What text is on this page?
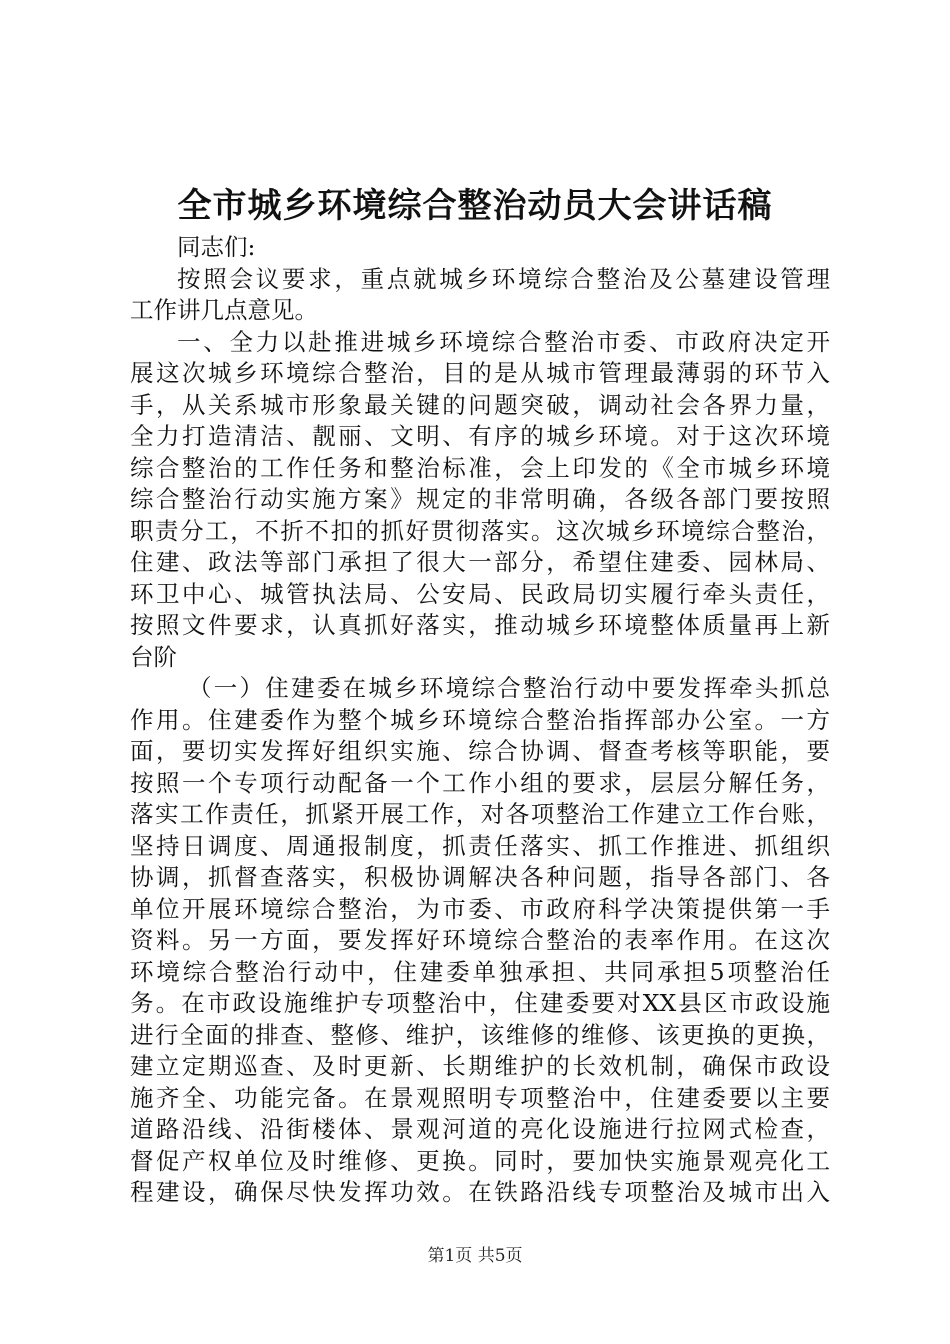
全市城乡环境综合整治动员大会讲话稿
同志们:
按照会议要求，重点就城乡环境综合整治及公墓建设管理
工作讲几点意见。
一、全力以赴推进城乡环境综合整治市委、市政府决定开
展这次城乡环境综合整治，目的是从城市管理最薄弱的环节入
手，从关系城市形象最关键的问题突破，调动社会各界力量，
全力打造清洁、靓丽、文明、有序的城乡环境。对于这次环境
综合整治的工作任务和整治标准，会上印发的《全市城乡环境
综合整治行动实施方案》规定的非常明确，各级各部门要按照
职责分工，不折不扣的抓好贯彻落实。这次城乡环境综合整治，
住建、政法等部门承担了很大一部分，希望住建委、园林局、
环卫中心、城管执法局、公安局、民政局切实履行牵头责任，
按照文件要求，认真抓好落实，推动城乡环境整体质量再上新
台阶
（一）住建委在城乡环境综合整治行动中要发挥牵头抓总
作用。住建委作为整个城乡环境综合整治指挥部办公室。一方
面，要切实发挥好组织实施、综合协调、督查考核等职能，要
按照一个专项行动配备一个工作小组的要求，层层分解任务，
落实工作责任，抓紧开展工作，对各项整治工作建立工作台账，
坚持日调度、周通报制度，抓责任落实、抓工作推进、抓组织
协调，抓督查落实，积极协调解决各种问题，指导各部门、各
单位开展环境综合整治，为市委、市政府科学决策提供第一手
资料。另一方面，要发挥好环境综合整治的表率作用。在这次
环境综合整治行动中，住建委单独承担、共同承担5项整治任
务。在市政设施维护专项整治中，住建委要对XX县区市政设施
进行全面的排查、整修、维护，该维修的维修、该更换的更换，
建立定期巡查、及时更新、长期维护的长效机制，确保市政设
施齐全、功能完备。在景观照明专项整治中，住建委要以主要
道路沿线、沿街楼体、景观河道的亮化设施进行拉网式检查，
督促产权单位及时维修、更换。同时，要加快实施景观亮化工
程建设，确保尽快发挥功效。在铁路沿线专项整治及城市出入
第1页 共5页
